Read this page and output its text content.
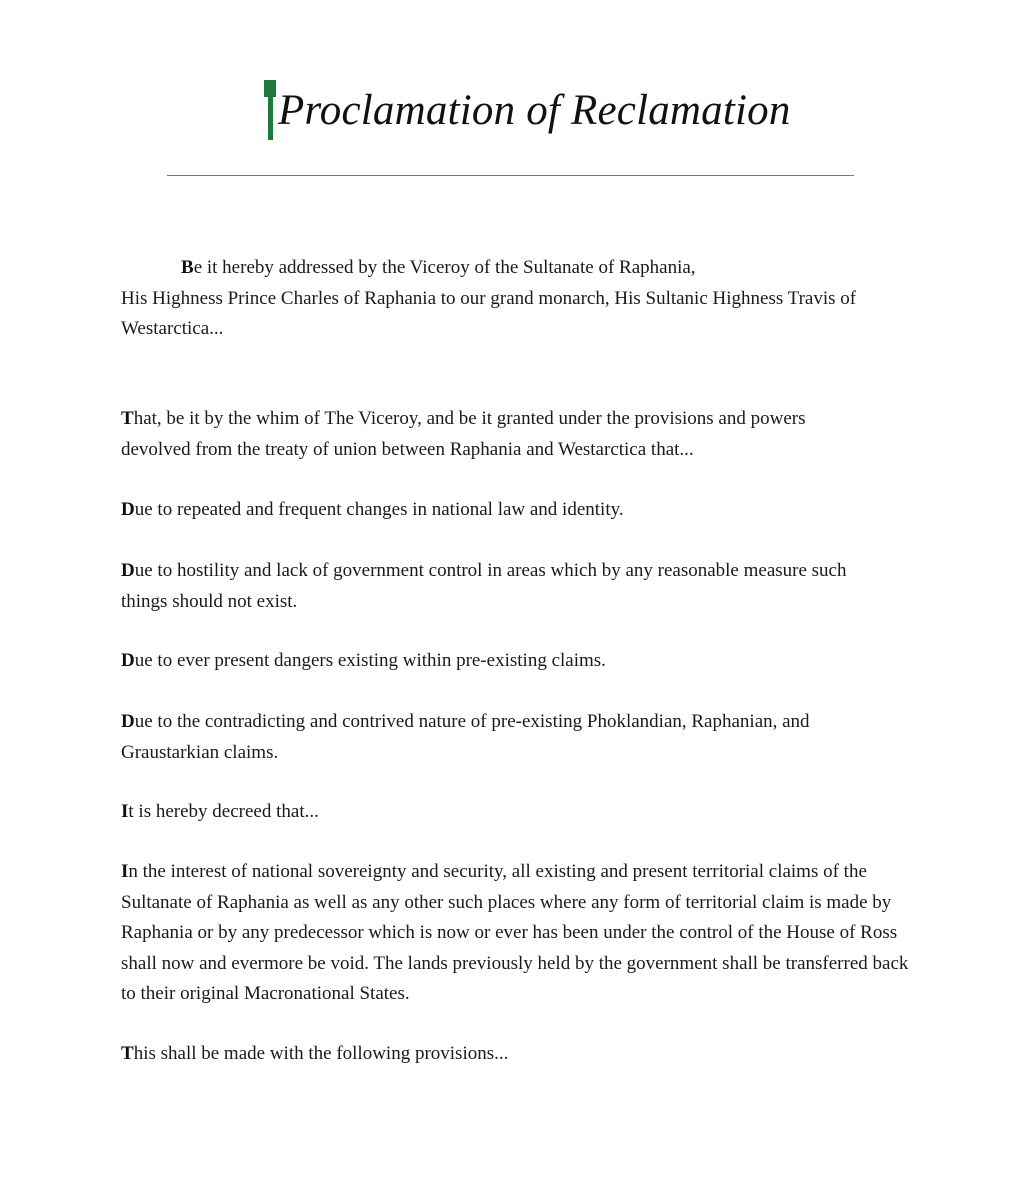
Proclamation of Reclamation
Be it hereby addressed by the Viceroy of the Sultanate of Raphania,
His Highness Prince Charles of Raphania to our grand monarch, His Sultanic Highness Travis of Westarctica...
That, be it by the whim of The Viceroy, and be it granted under the provisions and powers devolved from the treaty of union between Raphania and Westarctica that...
Due to repeated and frequent changes in national law and identity.
Due to hostility and lack of government control in areas which by any reasonable measure such things should not exist.
Due to ever present dangers existing within pre-existing claims.
Due to the contradicting and contrived nature of pre-existing Phoklandian, Raphanian, and Graustarkian claims.
It is hereby decreed that...
In the interest of national sovereignty and security, all existing and present territorial claims of the Sultanate of Raphania as well as any other such places where any form of territorial claim is made by Raphania or by any predecessor which is now or ever has been under the control of the House of Ross shall now and evermore be void. The lands previously held by the government shall be transferred back to their original Macronational States.
This shall be made with the following provisions...
